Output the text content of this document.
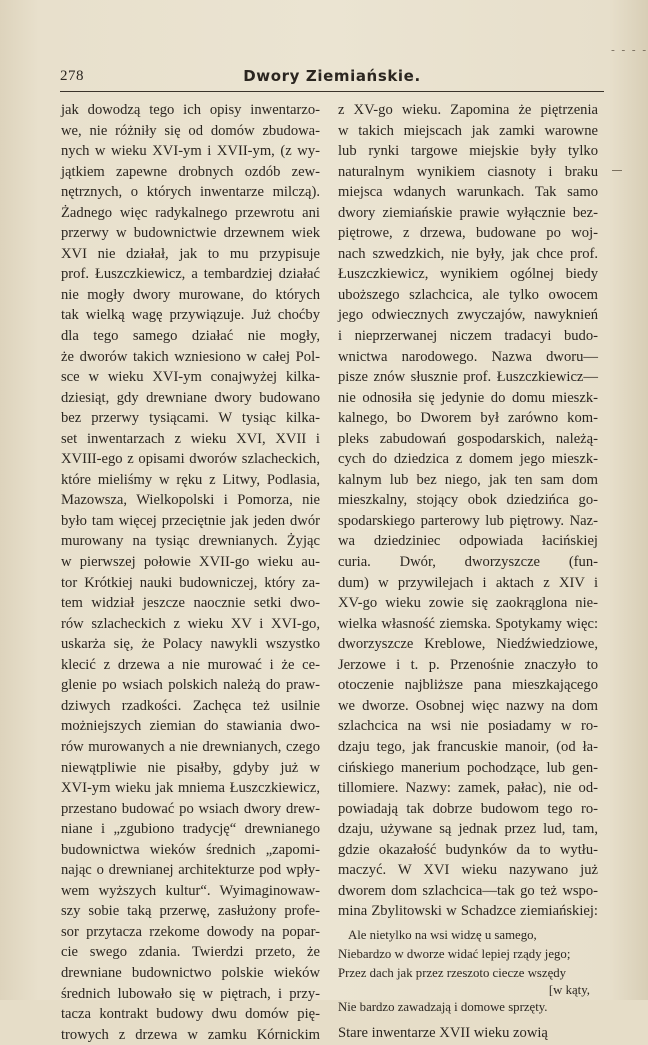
- - - -
278	Dwory Ziemiańskie.
jak dowodzą tego ich opisy inwentarzo-
we, nie różniły się od domów zbudowa-
nych w wieku XVI-ym i XVII-ym, (z wy-
jątkiem zapewne drobnych ozdób zew-
nętrznych, o których inwentarze milczą).
Żadnego więc radykalnego przewrotu ani
przerwy w budownictwie drzewnem wiek
XVI nie działał, jak to mu przypisuje
prof. Łuszczkiewicz, a tembardziej działać
nie mogły dwory murowane, do których
tak wielką wagę przywiązuje. Już choćby
dla tego samego działać nie mogły,
że dworów takich wzniesiono w całej Pol-
sce w wieku XVI-ym conajwyżej kilka-
dziesiąt, gdy drewniane dwory budowano
bez przerwy tysiącami. W tysiąc kilka-
set inwentarzach z wieku XVI, XVII i
XVIII-ego z opisami dworów szlacheckich,
które mieliśmy w ręku z Litwy, Podlasia,
Mazowsza, Wielkopolski i Pomorza, nie
było tam więcej przeciętnie jak jeden dwór
murowany na tysiąc drewnianych. Żyjąc
w pierwszej połowie XVII-go wieku au-
tor Krótkiej nauki budowniczej, który za-
tem widział jeszcze naocznie setki dwo-
rów szlacheckich z wieku XV i XVI-go,
uskarża się, że Polacy nawykli wszystko
klecić z drzewa a nie murować i że ce-
glenie po wsiach polskich należą do praw-
dziwych rzadkości. Zachęca też usilnie
możniejszych ziemian do stawiania dwo-
rów murowanych a nie drewnianych, czego
niewątpliwie nie pisałby, gdyby już w
XVI-ym wieku jak mniema Łuszczkiewicz,
przestano budować po wsiach dwory drew-
niane i „zgubiono tradycję“ drewnianego
budownictwa wieków średnich „zapomi-
nając o drewnianej architekturze pod wpły-
wem wyższych kultur“. Wyimaginowaw-
szy sobie taką przerwę, zasłużony profe-
sor przytacza rzekome dowody na popar-
cie swego zdania. Twierdzi przeto, że
drewniane budownictwo polskie wieków
średnich lubowało się w piętrach, i przy-
tacza kontrakt budowy dwu domów pię-
trowych z drzewa w zamku Kórnickim
z XV-go wieku. Zapomina że piętrzenia
w takich miejscach jak zamki warowne
lub rynki targowe miejskie były tylko
naturalnym wynikiem ciasnoty i braku
miejsca wdanych warunkach. Tak samo
dwory ziemiańskie prawie wyłącznie bez-
piętrowe, z drzewa, budowane po woj-
nach szwedzkich, nie były, jak chce prof.
Łuszczkiewicz, wynikiem ogólnej biedy
uboższego szlachcica, ale tylko owocem
jego odwiecznych zwyczajów, nawyknień
i nieprzerwanej niczem tradacyi budo-
wnictwa narodowego. Nazwa dworu—
pisze znów słusznie prof. Łuszczkiewicz—
nie odnosiła się jedynie do domu mieszk-
kalnego, bo Dworem był zarówno kom-
pleks zabudowań gospodarskich, należą-
cych do dziedzica z domem jego mieszk-
kalnym lub bez niego, jak ten sam dom
mieszkalny, stojący obok dziedzińca go-
spodarskiego parterowy lub piętrowy. Naz-
wa dziedziniec odpowiada łacińskiej
curia. Dwór, dworzyszcze (fun-
dum) w przywilejach i aktach z XIV i
XV-go wieku zowie się zaokrąglona nie-
wielka własność ziemska. Spotykamy więc:
dworzyszcze Kreblowe, Niedźwiedziowe,
Jerzowe i t. p. Przenośnie znaczyło to
otoczenie najbliższe pana mieszkającego
we dworze. Osobnej więc nazwy na dom
szlachcica na wsi nie posiadamy w ro-
dzaju tego, jak francuskie manoir, (od ła-
cińskiego manerium pochodzące, lub gen-
tillomiere. Nazwy: zamek, pałac), nie od-
powiadają tak dobrze budowom tego ro-
dzaju, używane są jednak przez lud, tam,
gdzie okazałość budynków da to wytłu-
maczyć. W XVI wieku nazywano już
dworem dom szlachcica—tak go też wspo-
mina Zbylitowski w Schadzce ziemiańskiej:
Ale nietylko na wsi widzę u samego,
Niebardzo w dworze widać lepiej rządy jego;
Przez dach jak przez rzeszoto ciecze wszędy
[w kąty,
Nie bardzo zawadzają i domowe sprzęty.
Stare inwentarze XVII wieku zowią
